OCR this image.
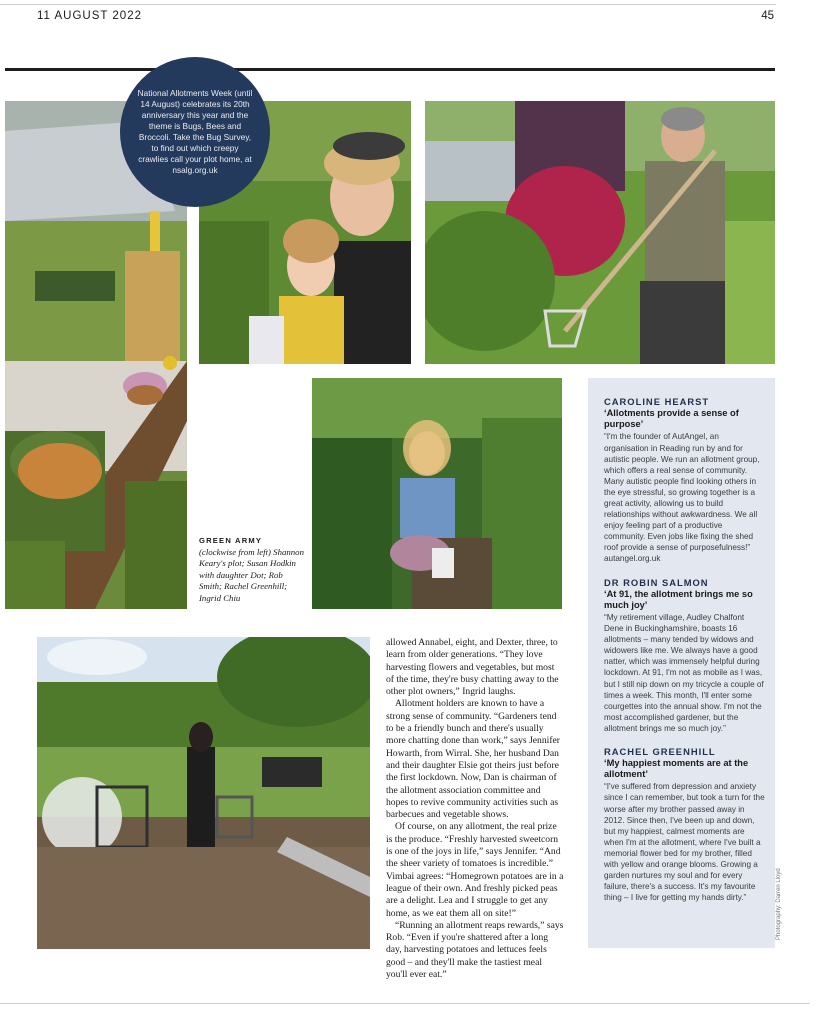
11 AUGUST 2022	45
National Allotments Week (until 14 August) celebrates its 20th anniversary this year and the theme is Bugs, Bees and Broccoli. Take the Bug Survey, to find out which creepy crawlies call your plot home, at nsalg.org.uk
GREEN ARMY
(clockwise from left) Shannon Keary's plot; Susan Hodkin with daughter Dot; Rob Smith; Rachel Greenhill; Ingrid Chiu

allowed Annabel, eight, and Dexter, three, to learn from older generations. “They love harvesting flowers and vegetables, but most of the time, they're busy chatting away to the other plot owners,” Ingrid laughs.

Allotment holders are known to have a strong sense of community. “Gardeners tend to be a friendly bunch and there's usually more chatting done than work,” says Jennifer Howarth, from Wirral. She, her husband Dan and their daughter Elsie got theirs just before the first lockdown. Now, Dan is chairman of the allotment association committee and hopes to revive community activities such as barbecues and vegetable shows.

Of course, on any allotment, the real prize is the produce. “Freshly harvested sweetcorn is one of the joys in life,” says Jennifer. “And the sheer variety of tomatoes is incredible.” Vimbai agrees: “Homegrown potatoes are in a league of their own. And freshly picked peas are a delight. Lea and I struggle to get any home, as we eat them all on site!”

“Running an allotment reaps rewards,” says Rob. “Even if you're shattered after a long day, harvesting potatoes and lettuces feels good – and they'll make the tastiest meal you'll ever eat.”

CAROLINE HEARST
‘Allotments provide a sense of purpose’
“I'm the founder of AutAngel, an organisation in Reading run by and for autistic people. We run an allotment group, which offers a real sense of community. Many autistic people find looking others in the eye stressful, so growing together is a great activity, allowing us to build relationships without awkwardness. We all enjoy feeling part of a productive community. Even jobs like fixing the shed roof provide a sense of purposefulness!” autangel.org.uk
DR ROBIN SALMON
‘At 91, the allotment brings me so much joy’
“My retirement village, Audley Chalfont Dene in Buckinghamshire, boasts 16 allotments – many tended by widows and widowers like me. We always have a good natter, which was immensely helpful during lockdown. At 91, I'm not as mobile as I was, but I still nip down on my tricycle a couple of times a week. This month, I'll enter some courgettes into the annual show. I'm not the most accomplished gardener, but the allotment brings me so much joy.”
RACHEL GREENHILL
‘My happiest moments are at the allotment’
“I've suffered from depression and anxiety since I can remember, but took a turn for the worse after my brother passed away in 2012. Since then, I've been up and down, but my happiest, calmest moments are when I'm at the allotment, where I've built a memorial flower bed for my brother, filled with yellow and orange blooms. Growing a garden nurtures my soul and for every failure, there's a success. It's my favourite thing – I live for getting my hands dirty.”	Photography: Darren Lloyd
